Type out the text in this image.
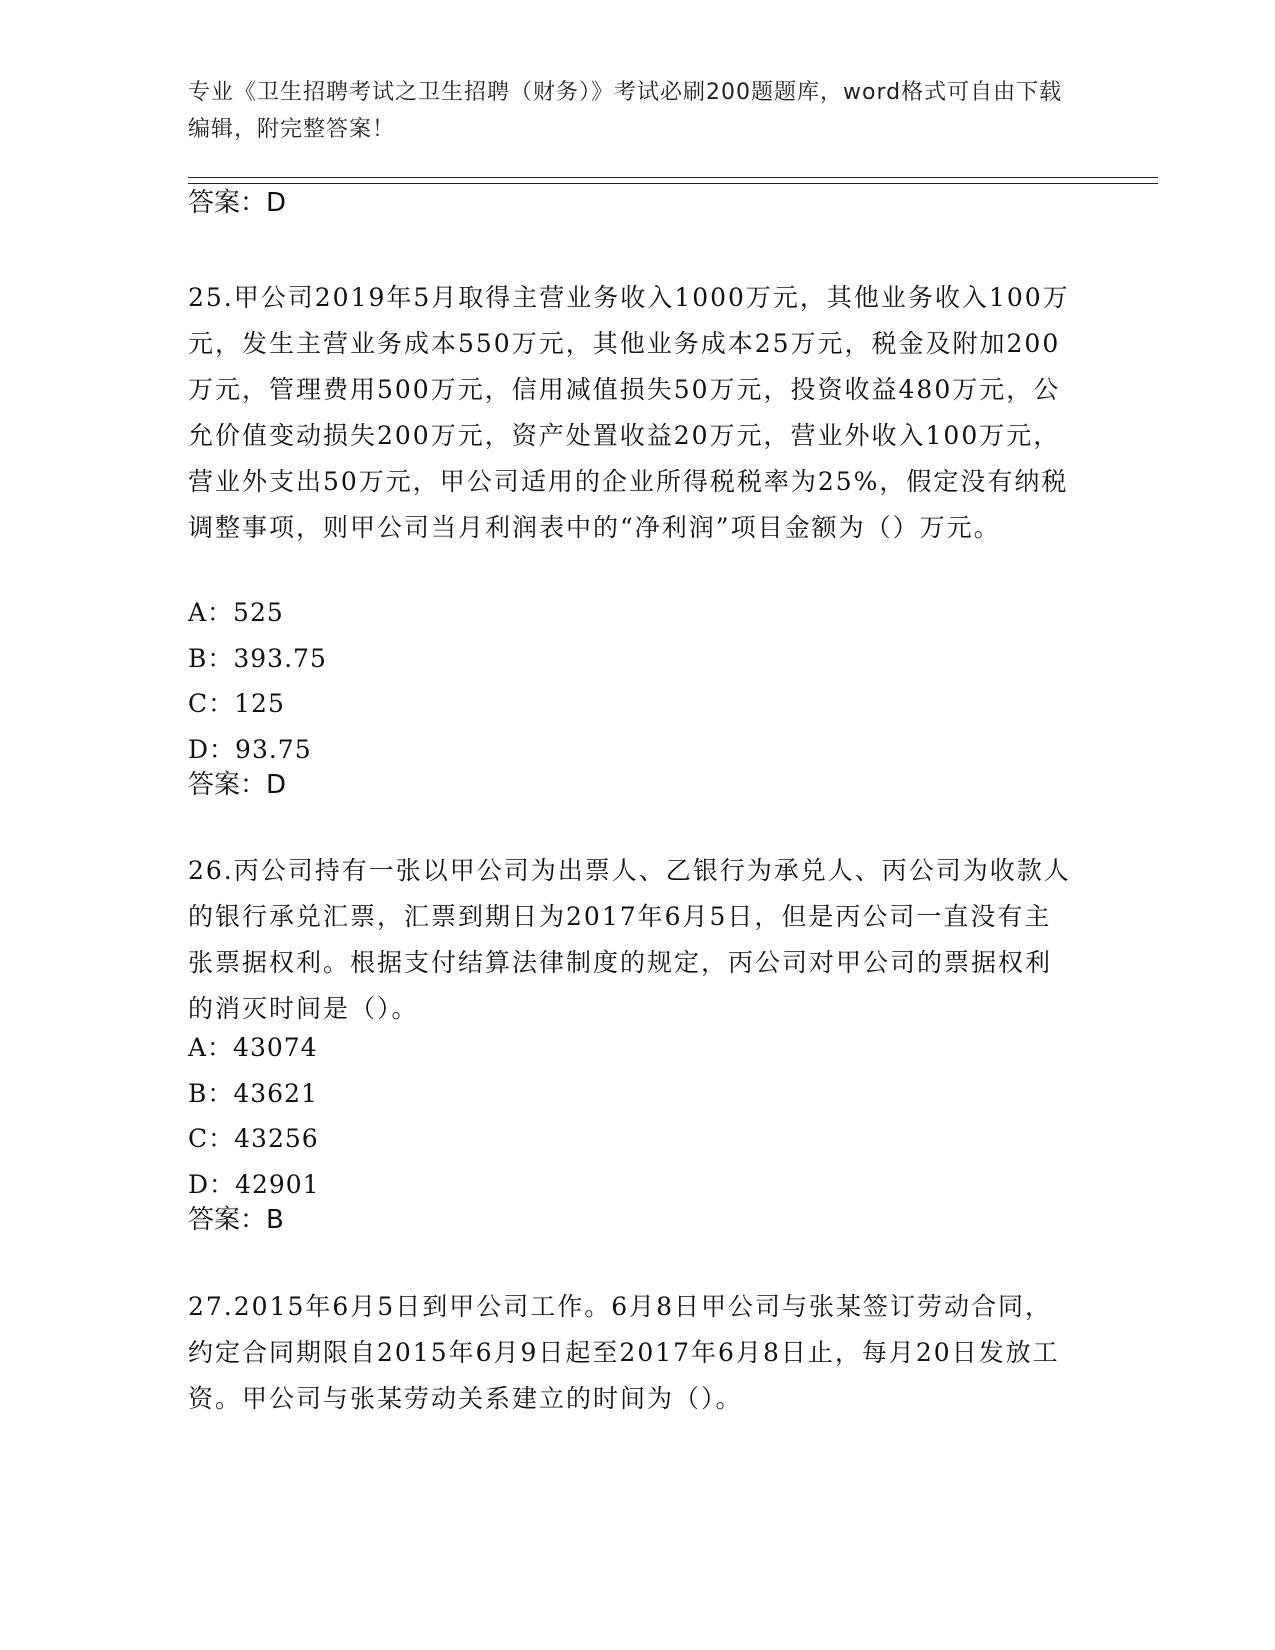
专业《卫生招聘考试之卫生招聘（财务）》考试必刷200题题库，word格式可自由下载编辑，附完整答案！
答案：D
25.甲公司2019年5月取得主营业务收入1000万元，其他业务收入100万元，发生主营业务成本550万元，其他业务成本25万元，税金及附加200万元，管理费用500万元，信用减值损失50万元，投资收益480万元，公允价值变动损失200万元，资产处置收益20万元，营业外收入100万元，营业外支出50万元，甲公司适用的企业所得税税率为25%，假定没有纳税调整事项，则甲公司当月利润表中的“净利润”项目金额为（）万元。
A：525
B：393.75
C：125
D：93.75
答案：D
26.丙公司持有一张以甲公司为出票人、乙银行为承兑人、丙公司为收款人的银行承兑汇票，汇票到期日为2017年6月5日，但是丙公司一直没有主张票据权利。根据支付结算法律制度的规定，丙公司对甲公司的票据权利的消灭时间是（）。
A：43074
B：43621
C：43256
D：42901
答案：B
27.2015年6月5日到甲公司工作。6月8日甲公司与张某签订劳动合同，约定合同期限自2015年6月9日起至2017年6月8日止，每月20日发放工资。甲公司与张某劳动关系建立的时间为（）。
